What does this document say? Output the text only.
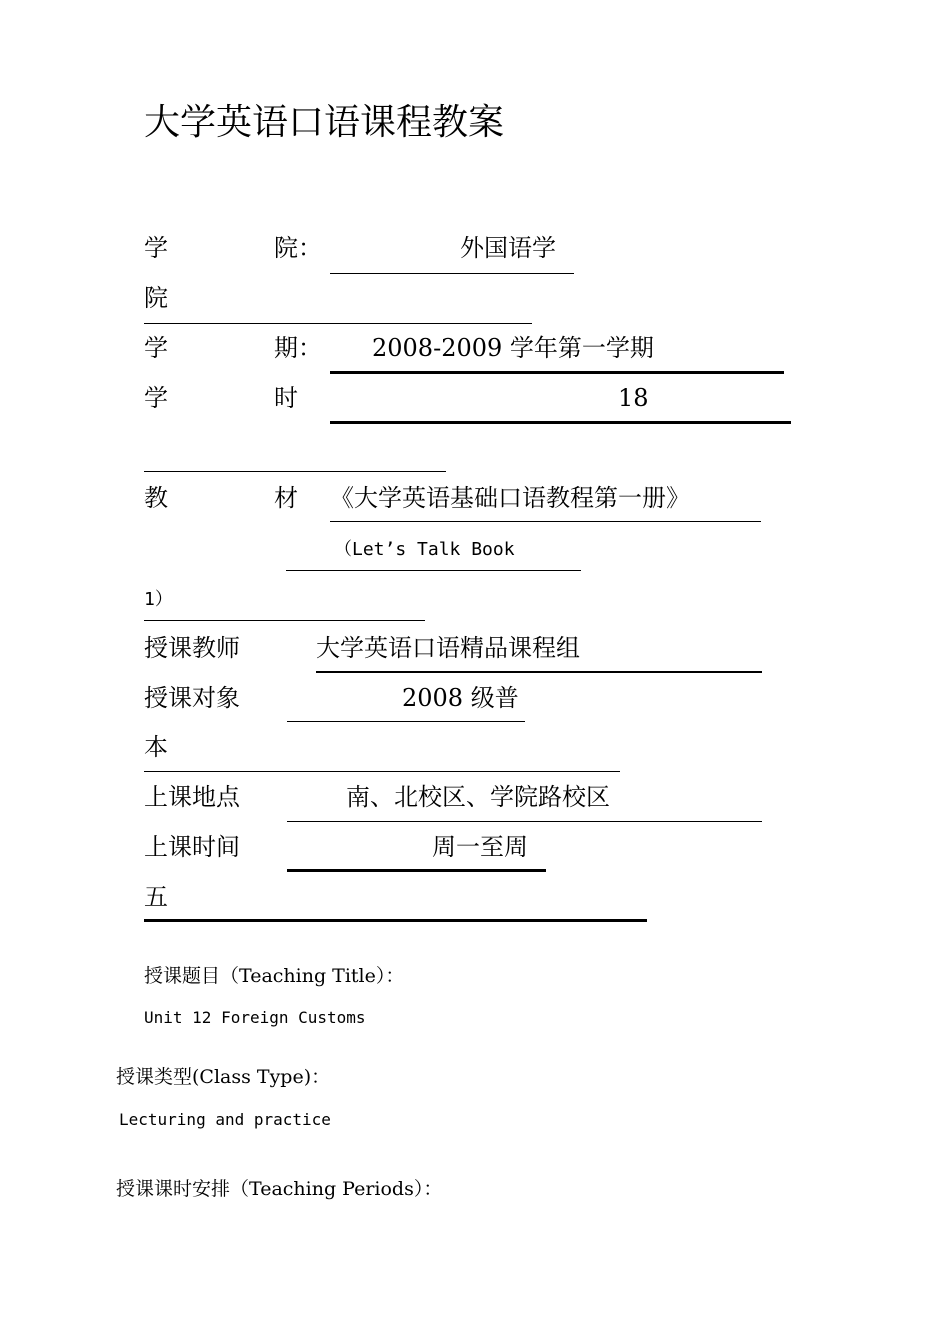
大学英语口语课程教案
学	院：	外国语学
院
学	期： 2008-2009 学年第一学期
学	时	18
教	材 《大学英语基础口语教程第一册》
（Let’s Talk Book
1）
授课教师	大学英语口语精品课程组
授课对象	2008 级普
本
上课地点	南、北校区、学院路校区
上课时间	周一至周
五
授课题目（Teaching Title）：
Unit 12 Foreign Customs
授课类型(Class Type)：
Lecturing and practice
授课课时安排（Teaching Periods）：
